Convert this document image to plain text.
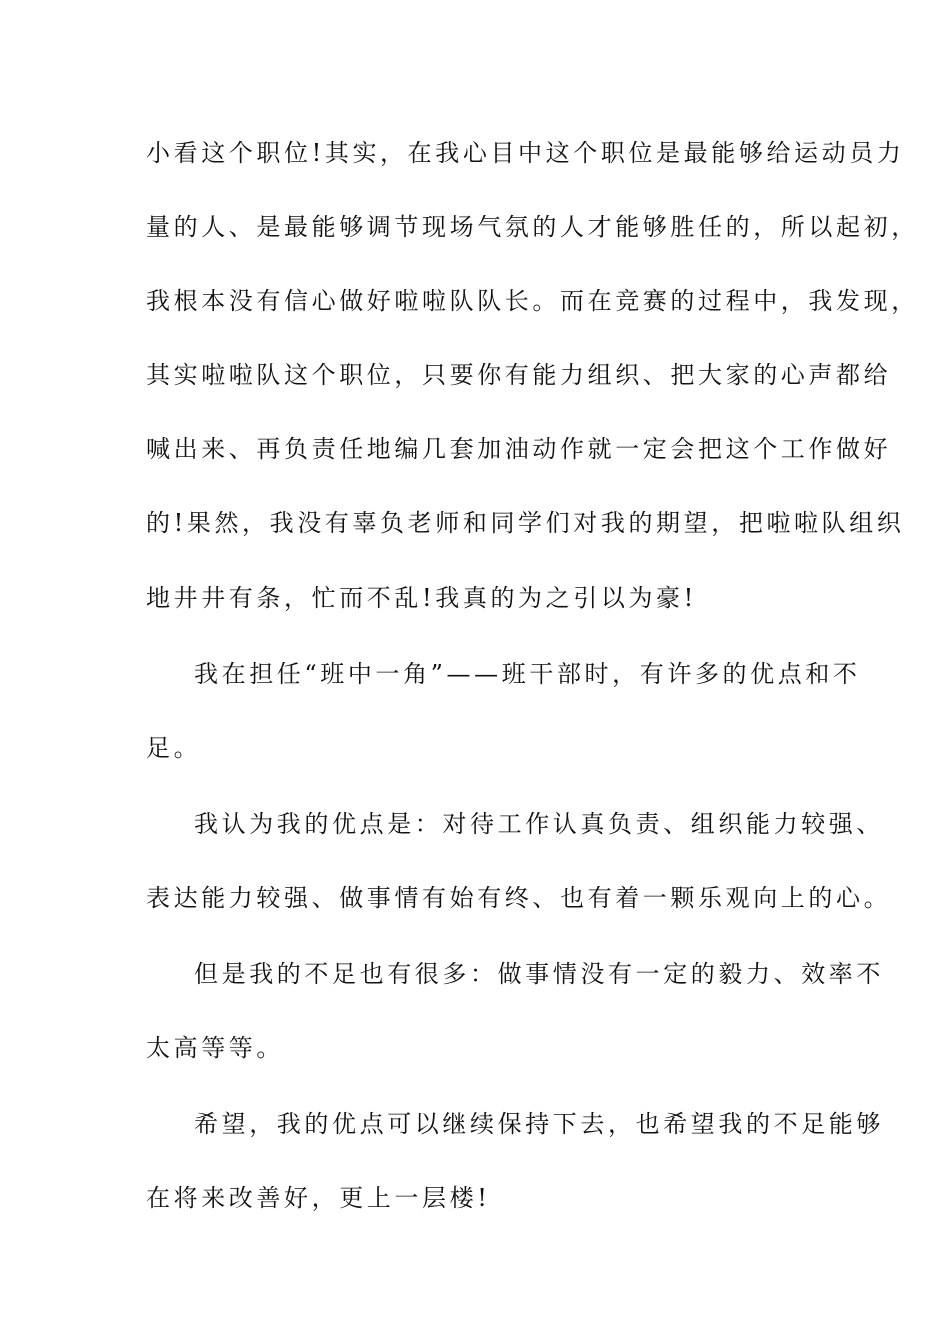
小看这个职位!其实，在我心目中这个职位是最能够给运动员力
量的人、是最能够调节现场气氛的人才能够胜任的，所以起初，
我根本没有信心做好啦啦队队长。而在竞赛的过程中，我发现，
其实啦啦队这个职位，只要你有能力组织、把大家的心声都给
喊出来、再负责任地编几套加油动作就一定会把这个工作做好
的!果然，我没有辜负老师和同学们对我的期望，把啦啦队组织
地井井有条，忙而不乱!我真的为之引以为豪!
我在担任“班中一角”——班干部时，有许多的优点和不
足。
我认为我的优点是：对待工作认真负责、组织能力较强、
表达能力较强、做事情有始有终、也有着一颗乐观向上的心。
但是我的不足也有很多：做事情没有一定的毅力、效率不
太高等等。
希望，我的优点可以继续保持下去，也希望我的不足能够
在将来改善好，更上一层楼!
